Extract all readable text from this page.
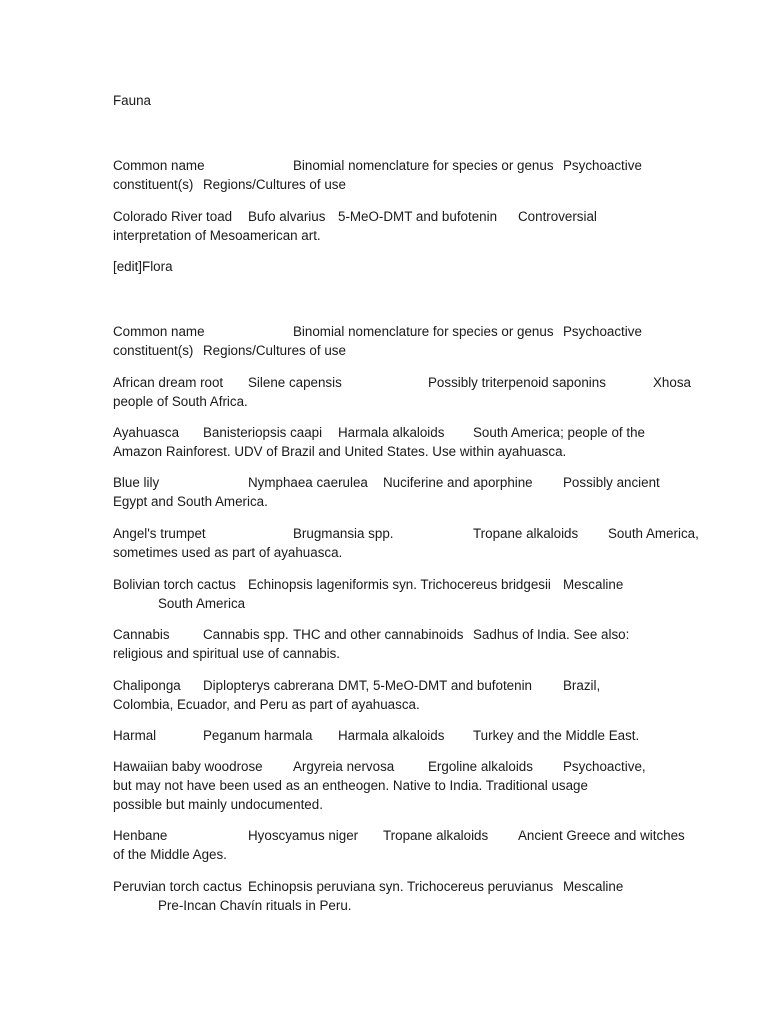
Fauna

Common name		Binomial nomenclature for species or genus	Psychoactive

constituent(s)	Regions/Cultures of use

Colorado River toad	Bufo alvarius	5-MeO-DMT and bufotenin	Controversial

interpretation of Mesoamerican art.

[edit]Flora

Common name		Binomial nomenclature for species or genus	Psychoactive

constituent(s)	Regions/Cultures of use

African dream root	Silene capensis		Possibly triterpenoid saponins		Xhosa

people of South Africa.

Ayahuasca	Banisteriopsis caapi	Harmala alkaloids	South America; people of the

Amazon Rainforest. UDV of Brazil and United States. Use within ayahuasca.

Blue lily		Nymphaea caerulea	Nuciferine and aporphine	Possibly ancient

Egypt and South America.

Angel's trumpet		Brugmansia spp.		Tropane alkaloids	South America,

sometimes used as part of ayahuasca.

Bolivian torch cactus	Echinopsis lageniformis syn. Trichocereus bridgesii	Mescaline

	South America

Cannabis	Cannabis spp.	THC and other cannabinoids	Sadhus of India. See also:

religious and spiritual use of cannabis.

Chaliponga	Diplopterys cabrerana	DMT, 5-MeO-DMT and bufotenin	Brazil,

Colombia, Ecuador, and Peru as part of ayahuasca.

Harmal	Peganum harmala	Harmala alkaloids	Turkey and the Middle East.

Hawaiian baby woodrose	Argyreia nervosa	Ergoline alkaloids	Psychoactive,

but may not have been used as an entheogen. Native to India. Traditional usage

possible but mainly undocumented.

Henbane		Hyoscyamus niger	Tropane alkaloids	Ancient Greece and witches

of the Middle Ages.

Peruvian torch cactus	Echinopsis peruviana syn. Trichocereus peruvianus	Mescaline

	Pre-Incan Chavín rituals in Peru.
